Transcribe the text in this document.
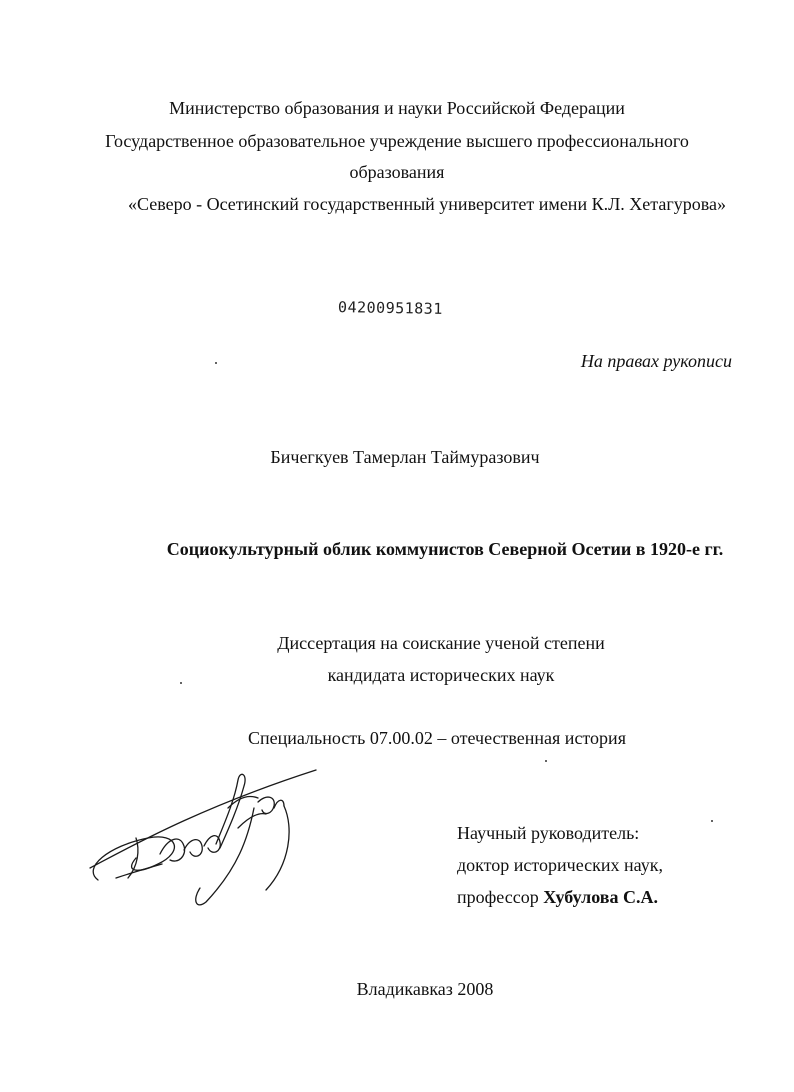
Министерство образования и науки Российской Федерации
Государственное образовательное учреждение высшего профессионального
образования
«Северо - Осетинский государственный университет имени К.Л. Хетагурова»
04200951831
На правах рукописи
Бичегкуев Тамерлан Таймуразович
Социокультурный облик коммунистов Северной Осетии в 1920-е гг.
Диссертация на соискание ученой степени
кандидата исторических наук
Специальность 07.00.02 – отечественная история
Научный руководитель:
доктор исторических наук,
профессор Хубулова С.А.
Владикавказ 2008
